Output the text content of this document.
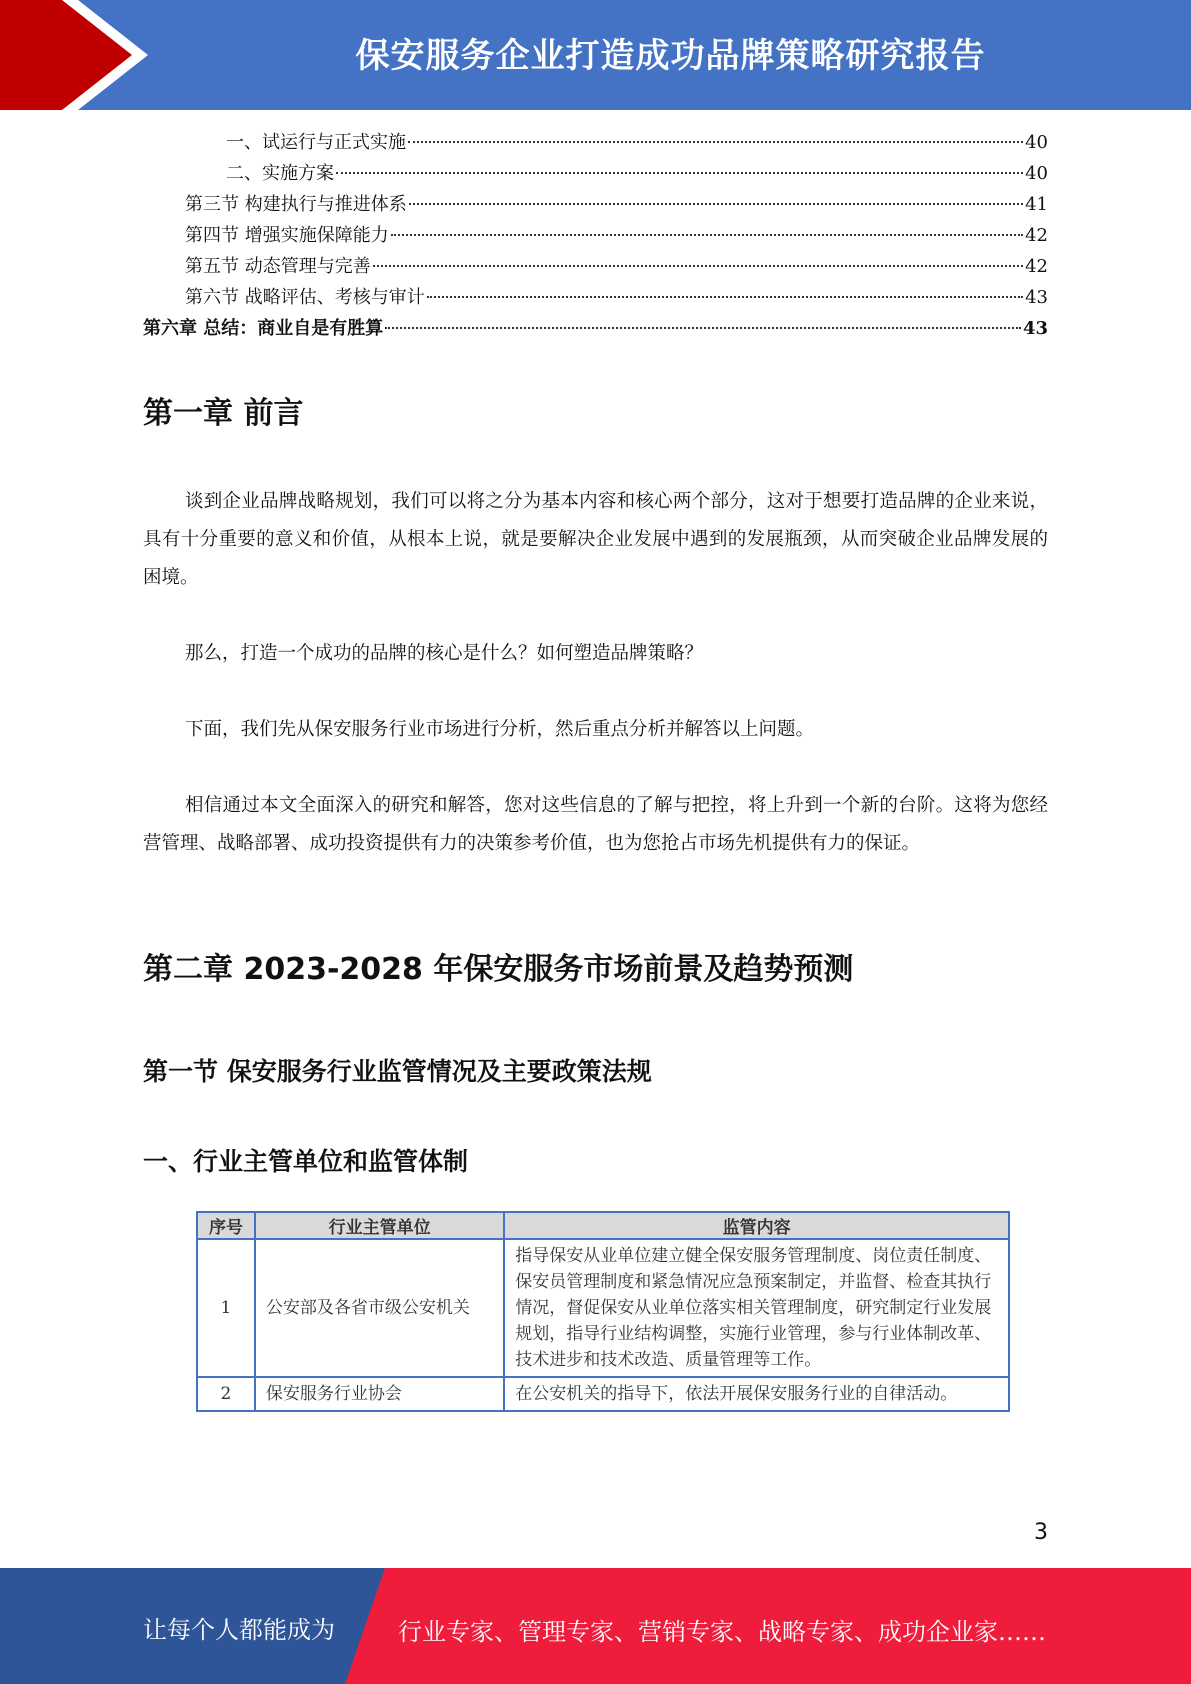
保安服务企业打造成功品牌策略研究报告
一、试运行与正式实施	40
二、实施方案	40
第三节 构建执行与推进体系	41
第四节 增强实施保障能力	42
第五节 动态管理与完善	42
第六节 战略评估、考核与审计	43
第六章 总结：商业自是有胜算	43
第一章 前言

谈到企业品牌战略规划，我们可以将之分为基本内容和核心两个部分，这对于想要打造品牌的企业来说，具有十分重要的意义和价值，从根本上说，就是要解决企业发展中遇到的发展瓶颈，从而突破企业品牌发展的困境。

那么，打造一个成功的品牌的核心是什么？如何塑造品牌策略？

下面，我们先从保安服务行业市场进行分析，然后重点分析并解答以上问题。

相信通过本文全面深入的研究和解答，您对这些信息的了解与把控，将上升到一个新的台阶。这将为您经营管理、战略部署、成功投资提供有力的决策参考价值，也为您抢占市场先机提供有力的保证。

第二章 2023-2028 年保安服务市场前景及趋势预测
第一节 保安服务行业监管情况及主要政策法规
一、行业主管单位和监管体制
序号	行业主管单位	监管内容
1	公安部及各省市级公安机关	指导保安从业单位建立健全保安服务管理制度、岗位责任制度、保安员管理制度和紧急情况应急预案制定，并监督、检查其执行情况，督促保安从业单位落实相关管理制度，研究制定行业发展规划，指导行业结构调整，实施行业管理，参与行业体制改革、技术进步和技术改造、质量管理等工作。
2	保安服务行业协会	在公安机关的指导下，依法开展保安服务行业的自律活动。
3
让每个人都能成为	行业专家、管理专家、营销专家、战略专家、成功企业家……
